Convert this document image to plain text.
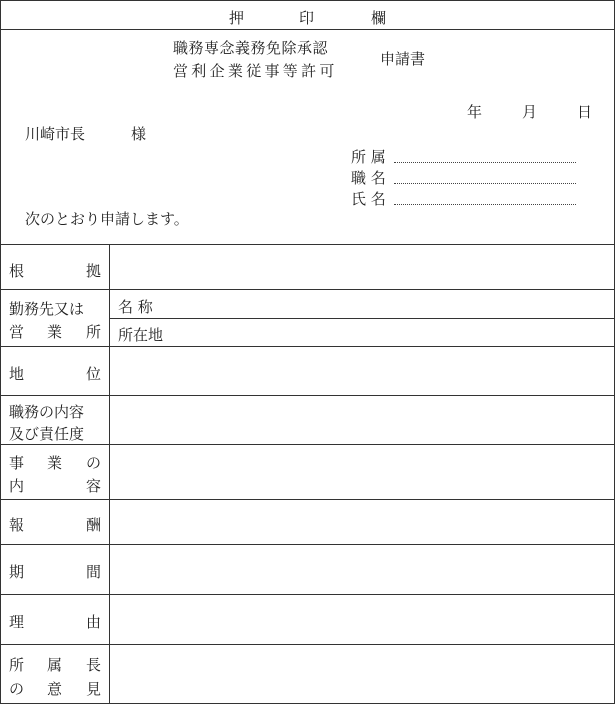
押	印	欄
職務専念義務免除承認
営利企業従事等許可
申請書
年	月	日
川崎市長	様
所 属
職 名
氏 名
次のとおり申請します。
根	拠
勤務先又は
営 業 所
名 称
所在地
地	位
職務の内容
及び責任度
事 業 の
内	容
報	酬
期	間
理	由
所 属 長
の 意 見
